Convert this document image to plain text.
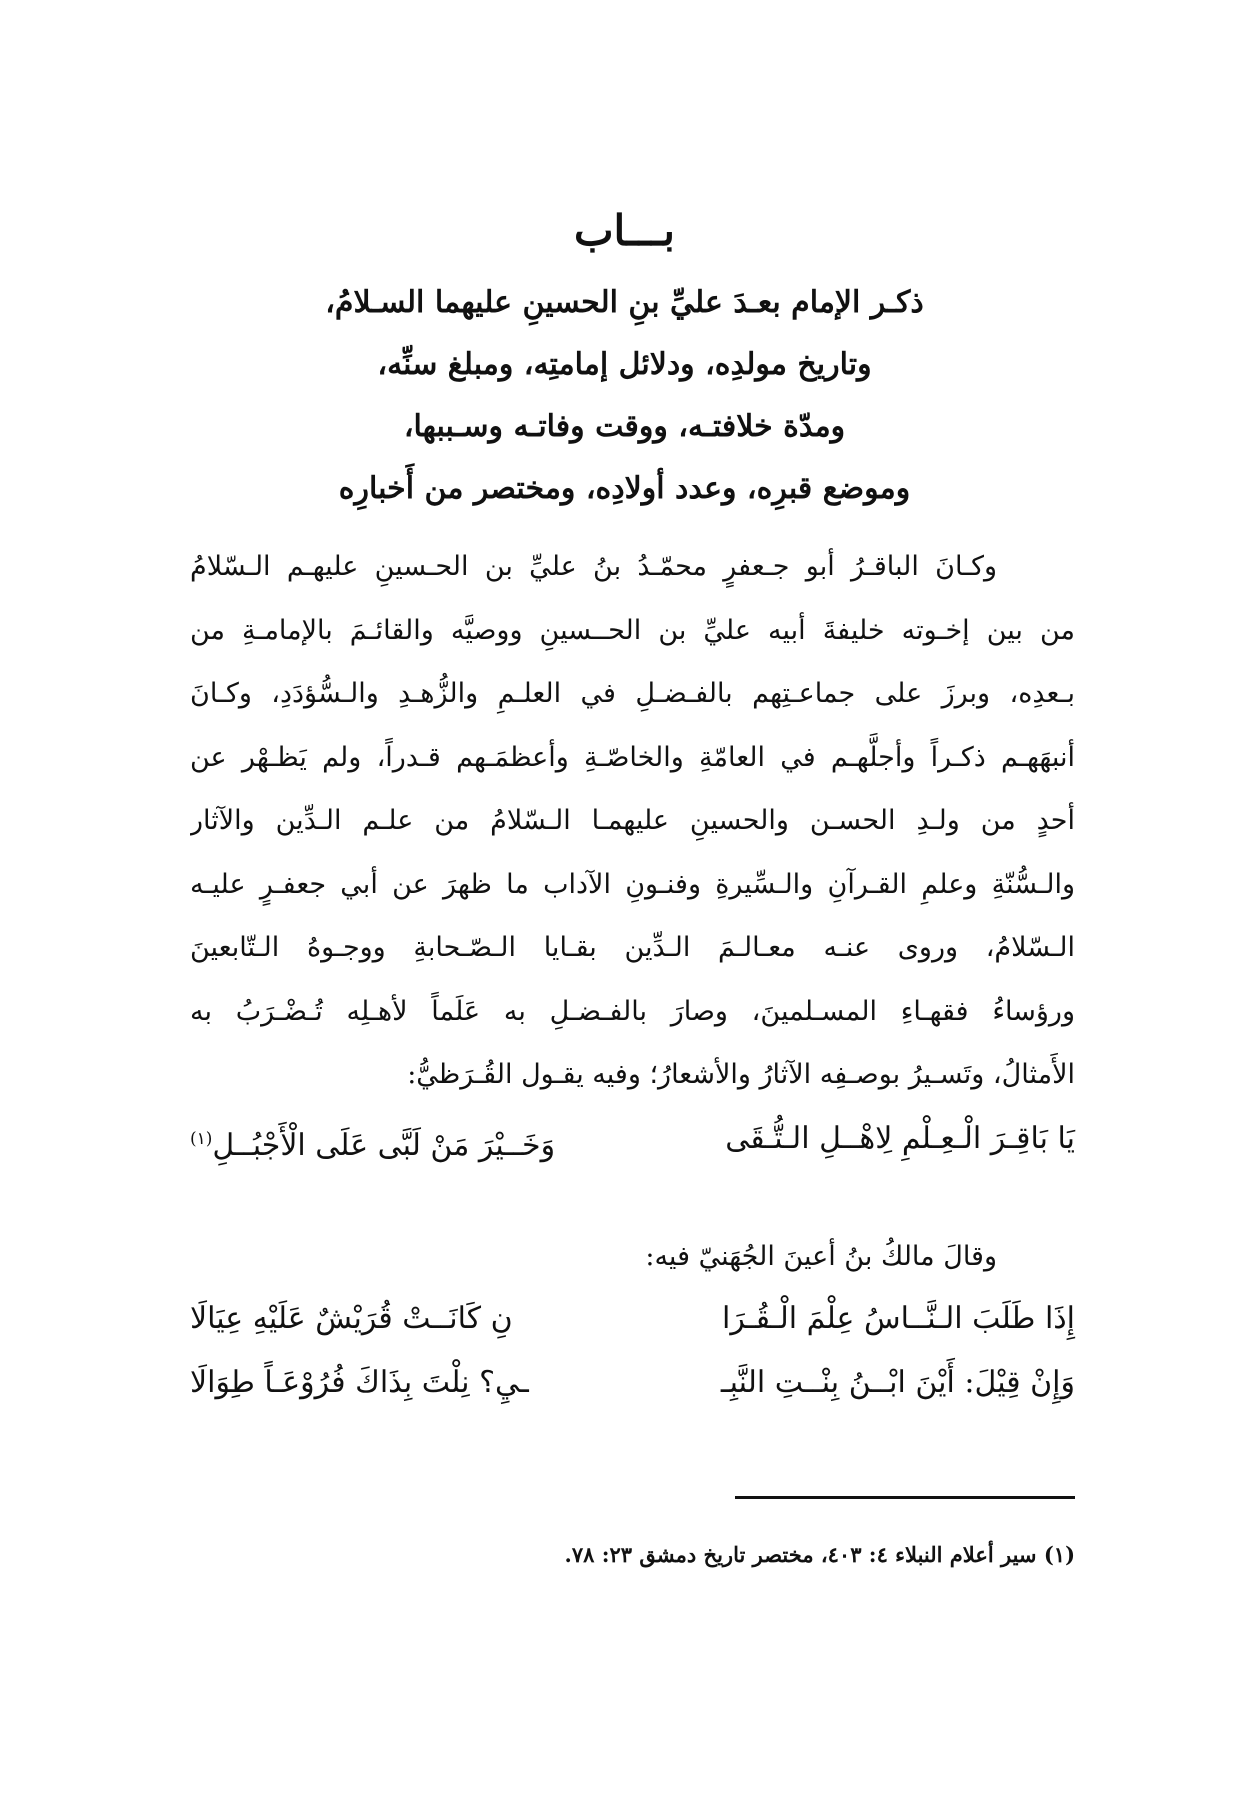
بـــاب
ذكـر الإمام بعـدَ عليِّ بنِ الحسينِ عليهما السـلامُ،
وتاريخ مولدِه، ودلائل إمامتِه، ومبلغ سنِّه،
ومدّة خلافتـه، ووقت وفاتـه وسـببها،
وموضع قبرِه، وعدد أولادِه، ومختصر من أَخبارِه
وكـانَ الباقـرُ أبو جـعفرٍ محمّـدُ بنُ عليِّ بن الحـسينِ عليهـم الـسّلامُ
من بين إخـوته خليفةَ أبيه عليِّ بن الحــسينِ ووصيَّه والقائـمَ بالإمامـةِ من
بـعدِه، وبرزَ على جماعـتِهم بالفـضـلِ في العلـمِ والزُّهـدِ والـسُّؤدَدِ، وكـانَ
أنبهَهـم ذكـراً وأجلَّهـم في العامّةِ والخاصّـةِ وأعظمَـهم قـدراً، ولم يَظـهْر عن
أحدٍ من ولـدِ الحسـن والحسينِ عليهمـا الـسّلامُ من علـم الـدِّين والآثار
والـسُّنّةِ وعلمِ القـرآنِ والـسِّيرةِ وفنـونِ الآداب ما ظهرَ عن أبي جعفـرٍ عليـه
الـسّلامُ، وروى عنـه معـالـمَ الـدِّين بقـايا الـصّـحابةِ ووجـوهُ الـتّابعينَ
ورؤساءُ فقهـاءِ المسـلمينَ، وصارَ بالفـضـلِ به عَلَماً لأهـلِه تُـضْـرَبُ به
الأَمثالُ، وتَسـيرُ بوصـفِه الآثارُ والأشعارُ؛ وفيه يقـول القُـرَظيُّ:
يَا بَاقِـرَ الْـعِـلْمِ لِاهْــلِ الـتُّـقَى
وَخَــيْرَ مَنْ لَبَّى عَلَى الْأَجْبُــلِ$^{(١)}$
وقالَ مالكُ بنُ أعينَ الجُهَنيّ فيه:
إِذَا طَلَبَ الـنَّــاسُ عِلْمَ الْـقُـرَا
نِ كَانَــتْ قُرَيْشٌ عَلَيْهِ عِيَالَا
وَإِنْ قِيْلَ: أَيْنَ ابْــنُ بِنْــتِ النَّبِـ
ـيِ؟ نِلْتَ بِذَاكَ فُرُوْعَـاً طِوَالَا
(١) سير أعلام النبلاء ٤: ٤٠٣، مختصر تاريخ دمشق ٢٣: ٧٨.
